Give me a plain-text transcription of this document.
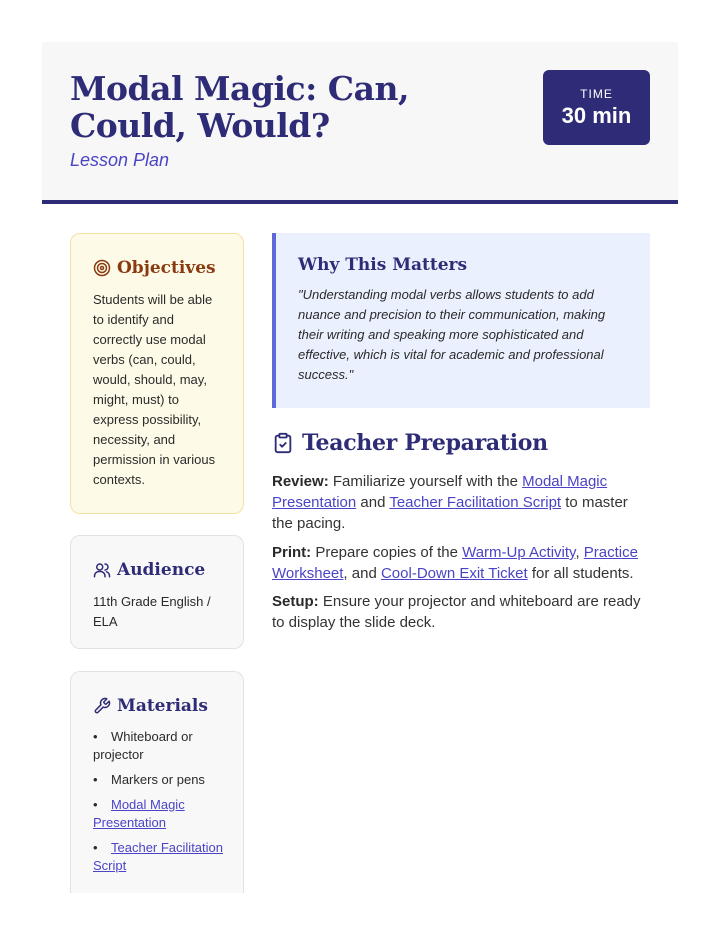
Modal Magic: Can, Could, Would?
Lesson Plan
TIME
30 min
Objectives

Students will be able to identify and correctly use modal verbs (can, could, would, should, may, might, must) to express possibility, necessity, and permission in various contexts.

Audience

11th Grade English / ELA

Materials
• Whiteboard or projector
• Markers or pens
• Modal Magic Presentation
• Teacher Facilitation Script
Why This Matters

"Understanding modal verbs allows students to add nuance and precision to their communication, making their writing and speaking more sophisticated and effective, which is vital for academic and professional success."

Teacher Preparation

Review: Familiarize yourself with the Modal Magic Presentation and Teacher Facilitation Script to master the pacing.

Print: Prepare copies of the Warm-Up Activity, Practice Worksheet, and Cool-Down Exit Ticket for all students.

Setup: Ensure your projector and whiteboard are ready to display the slide deck.
